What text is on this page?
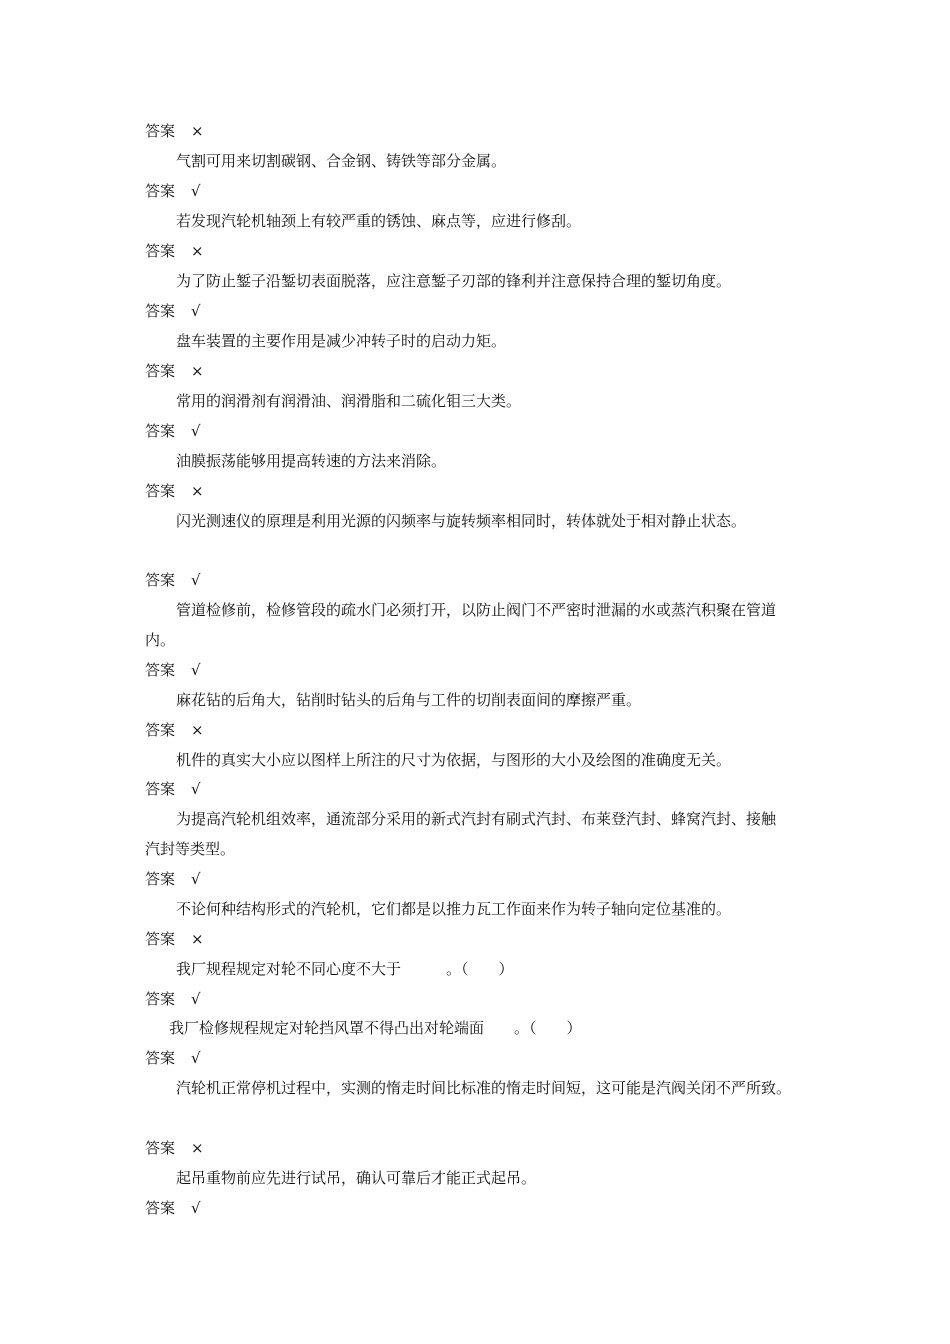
答案 ×
气割可用来切割碳钢、合金钢、铸铁等部分金属。
答案 √
若发现汽轮机轴颈上有较严重的锈蚀、麻点等，应进行修刮。
答案 ×
为了防止錾子沿錾切表面脱落，应注意錾子刃部的锋利并注意保持合理的錾切角度。
答案 √
盘车装置的主要作用是减少冲转子时的启动力矩。
答案 ×
常用的润滑剂有润滑油、润滑脂和二硫化钼三大类。
答案 √
油膜振荡能够用提高转速的方法来消除。
答案 ×
闪光测速仪的原理是利用光源的闪频率与旋转频率相同时，转体就处于相对静止状态。
答案 √
管道检修前，检修管段的疏水门必须打开，以防止阀门不严密时泄漏的水或蒸汽积聚在管道
内。
答案 √
麻花钻的后角大，钻削时钻头的后角与工件的切削表面间的摩擦严重。
答案 ×
机件的真实大小应以图样上所注的尺寸为依据，与图形的大小及绘图的准确度无关。
答案 √
为提高汽轮机组效率，通流部分采用的新式汽封有刷式汽封、布莱登汽封、蜂窝汽封、接触
汽封等类型。
答案 √
不论何种结构形式的汽轮机，它们都是以推力瓦工作面来作为转子轴向定位基准的。
答案 ×
我厂规程规定对轮不同心度不大于　　　。（　　）
答案 √
我厂检修规程规定对轮挡风罩不得凸出对轮端面　　。（　　）
答案 √
汽轮机正常停机过程中，实测的惰走时间比标准的惰走时间短，这可能是汽阀关闭不严所致。
答案 ×
起吊重物前应先进行试吊，确认可靠后才能正式起吊。
答案 √
